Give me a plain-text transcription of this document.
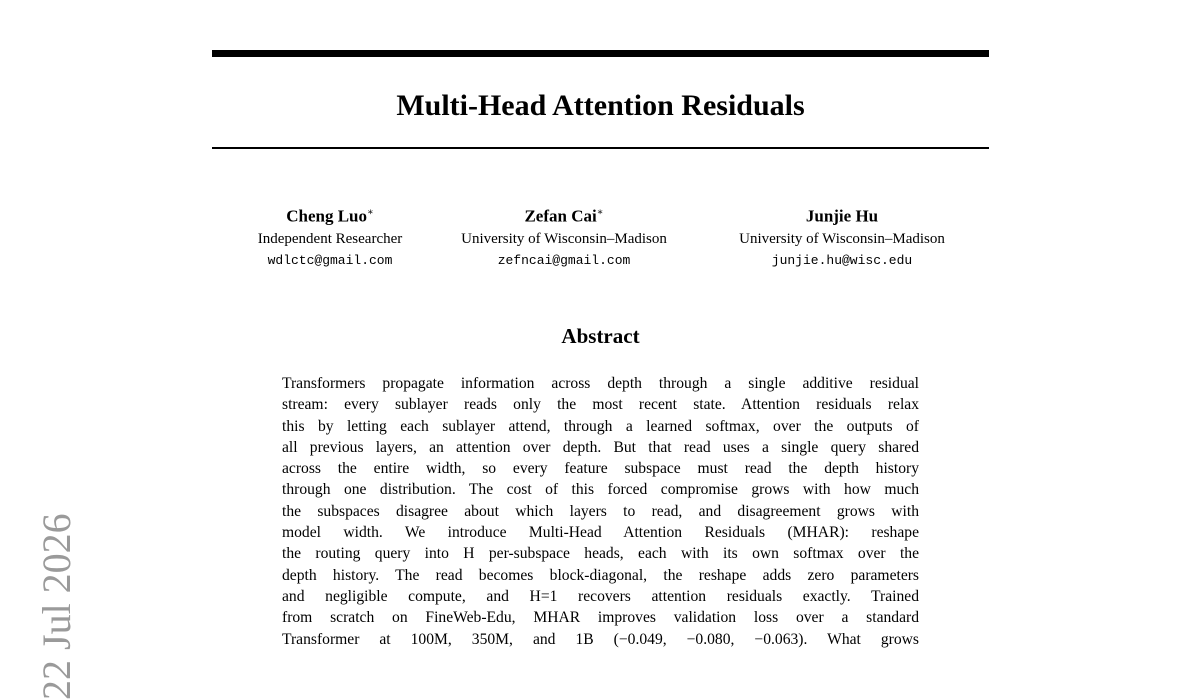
Multi-Head Attention Residuals
Cheng Luo∗
Independent Researcher
wdlctc@gmail.com
Zefan Cai∗
University of Wisconsin–Madison
zefncai@gmail.com
Junjie Hu
University of Wisconsin–Madison
junjie.hu@wisc.edu
Abstract
Transformers propagate information across depth through a single additive residual
stream: every sublayer reads only the most recent state. Attention residuals relax
this by letting each sublayer attend, through a learned softmax, over the outputs of
all previous layers, an attention over depth. But that read uses a single query shared
across the entire width, so every feature subspace must read the depth history
through one distribution. The cost of this forced compromise grows with how much
the subspaces disagree about which layers to read, and disagreement grows with
model width. We introduce Multi-Head Attention Residuals (MHAR): reshape
the routing query into H per-subspace heads, each with its own softmax over the
depth history. The read becomes block-diagonal, the reshape adds zero parameters
and negligible compute, and H=1 recovers attention residuals exactly. Trained
from scratch on FineWeb-Edu, MHAR improves validation loss over a standard
Transformer at 100M, 350M, and 1B (−0.049, −0.080, −0.063). What grows
22 Jul 2026
